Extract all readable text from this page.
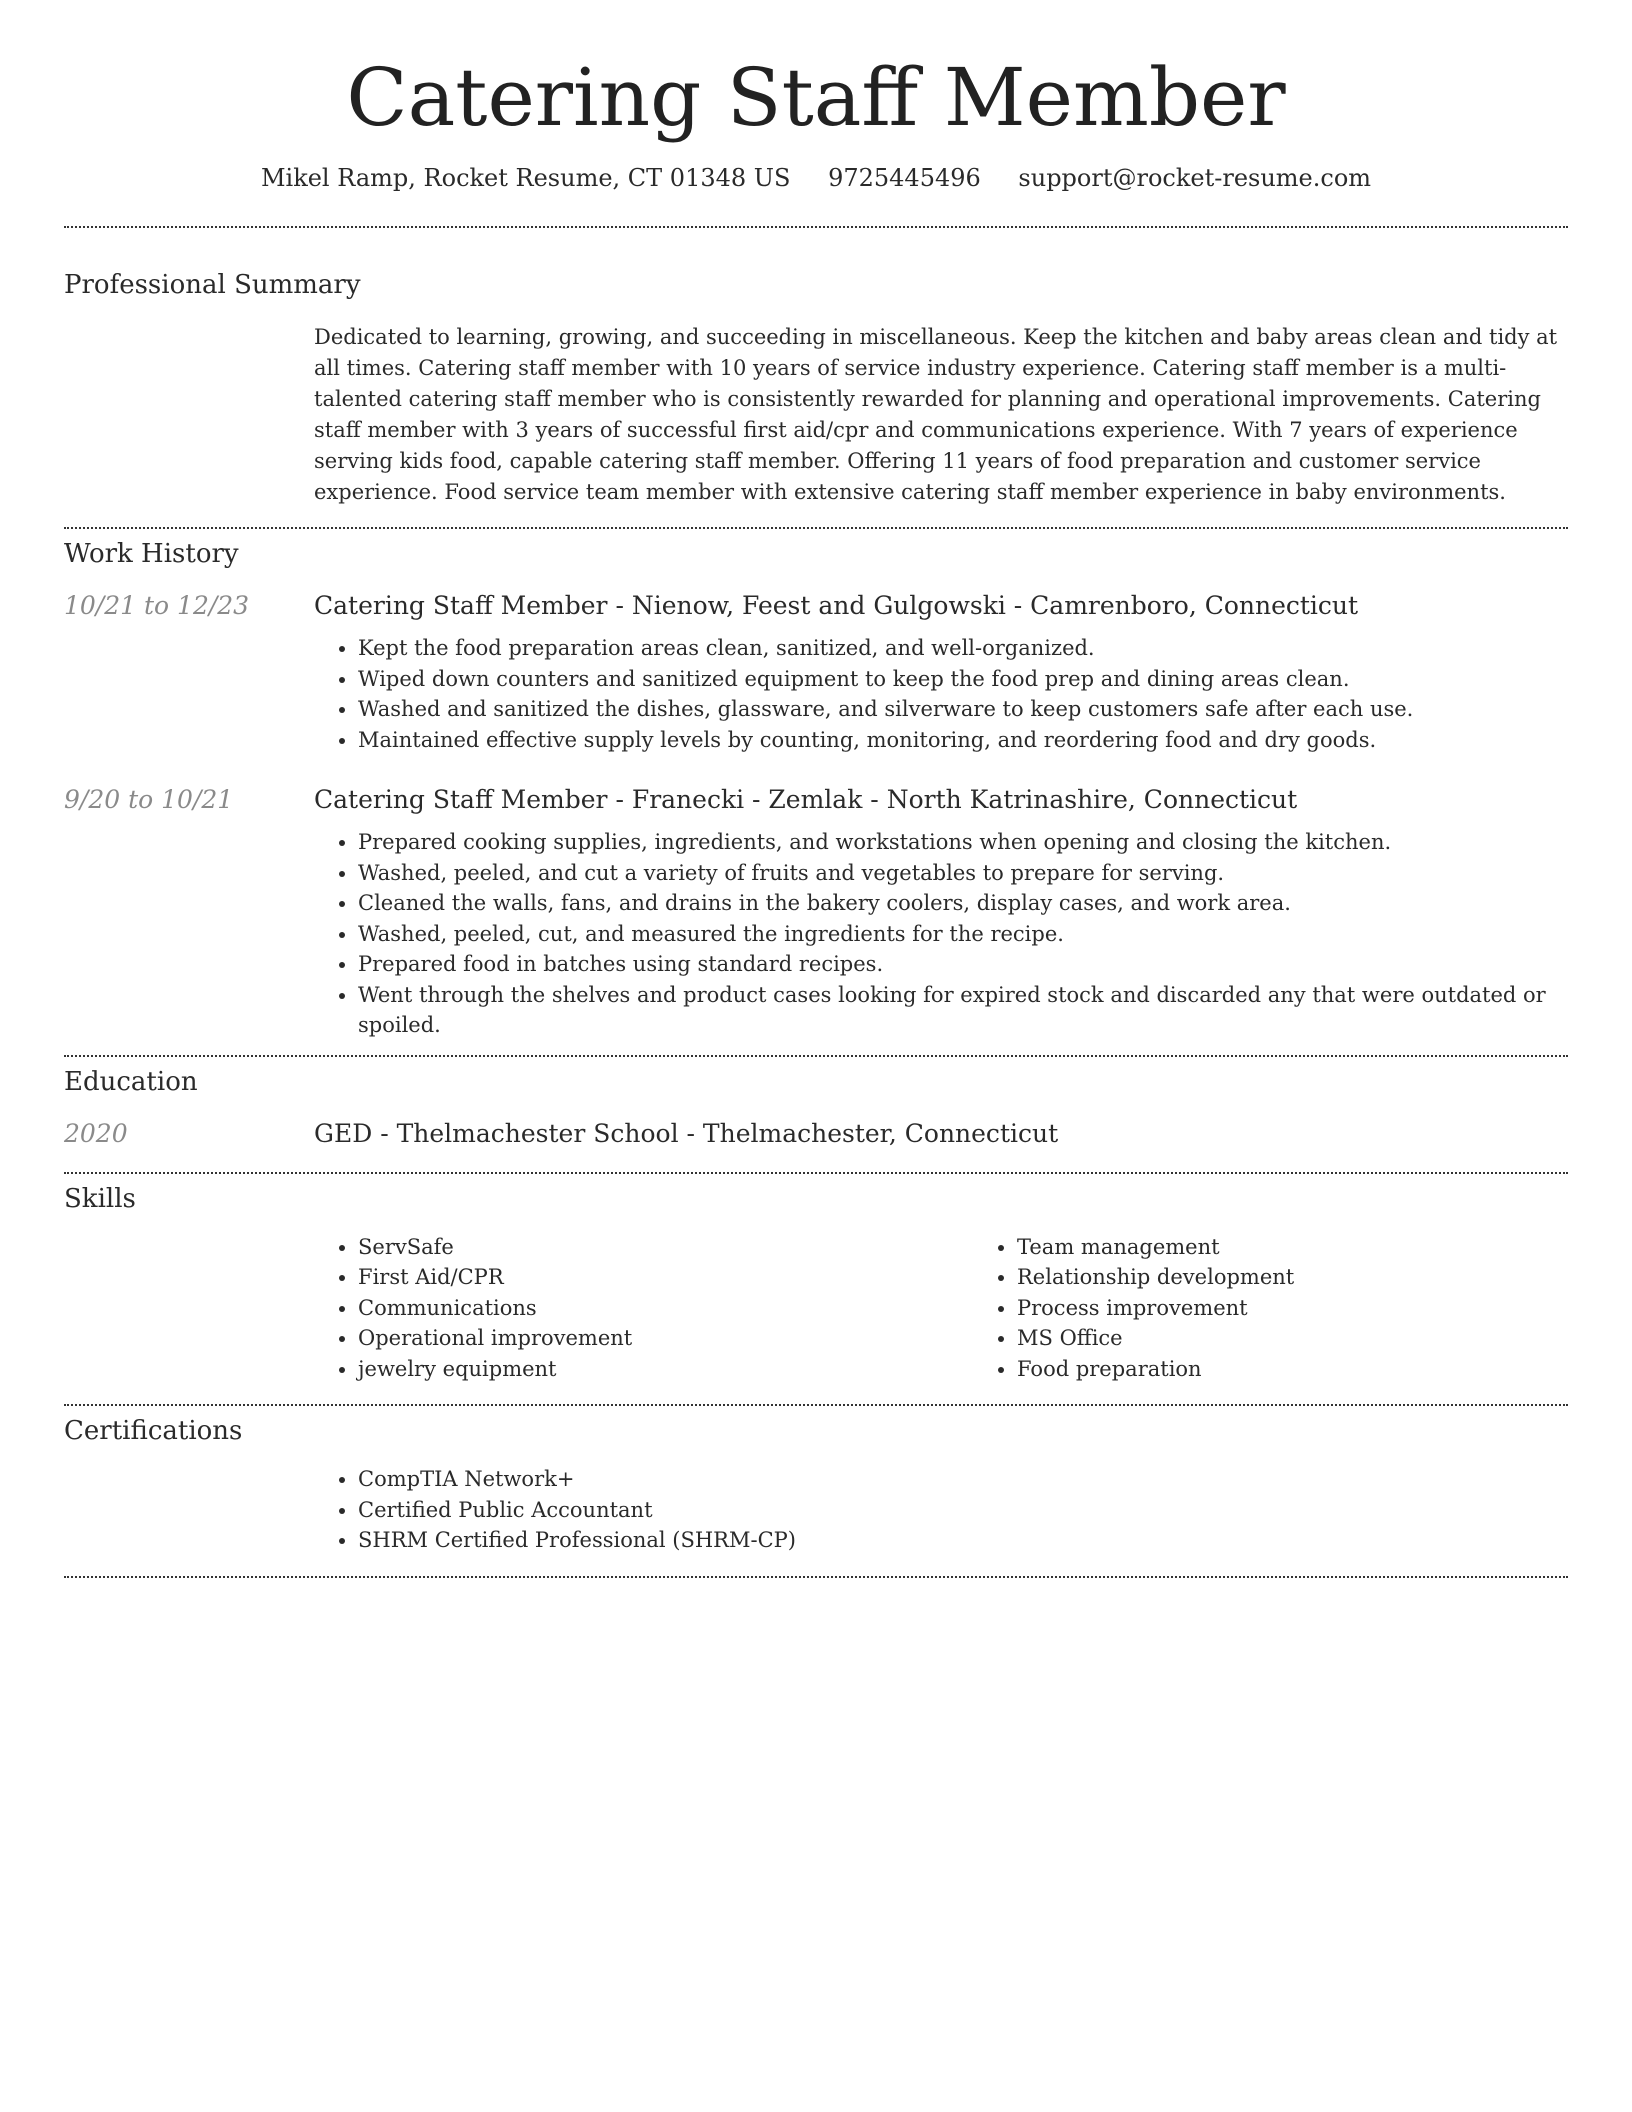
Catering Staff Member
Mikel Ramp, Rocket Resume, CT 01348 US 9725445496 support@rocket-resume.com
Professional Summary
Dedicated to learning, growing, and succeeding in miscellaneous. Keep the kitchen and baby areas clean and tidy at all times. Catering staff member with 10 years of service industry experience. Catering staff member is a multi-talented catering staff member who is consistently rewarded for planning and operational improvements. Catering staff member with 3 years of successful first aid/cpr and communications experience. With 7 years of experience serving kids food, capable catering staff member. Offering 11 years of food preparation and customer service experience. Food service team member with extensive catering staff member experience in baby environments.
Work History
10/21 to 12/23	Catering Staff Member - Nienow, Feest and Gulgowski - Camrenboro, Connecticut
• Kept the food preparation areas clean, sanitized, and well-organized.
• Wiped down counters and sanitized equipment to keep the food prep and dining areas clean.
• Washed and sanitized the dishes, glassware, and silverware to keep customers safe after each use.
• Maintained effective supply levels by counting, monitoring, and reordering food and dry goods.
9/20 to 10/21	Catering Staff Member - Franecki - Zemlak - North Katrinashire, Connecticut
• Prepared cooking supplies, ingredients, and workstations when opening and closing the kitchen.
• Washed, peeled, and cut a variety of fruits and vegetables to prepare for serving.
• Cleaned the walls, fans, and drains in the bakery coolers, display cases, and work area.
• Washed, peeled, cut, and measured the ingredients for the recipe.
• Prepared food in batches using standard recipes.
• Went through the shelves and product cases looking for expired stock and discarded any that were outdated or spoiled.
Education
2020	GED - Thelmachester School - Thelmachester, Connecticut
Skills
• ServSafe
• First Aid/CPR
• Communications
• Operational improvement
• jewelry equipment
• Team management
• Relationship development
• Process improvement
• MS Office
• Food preparation
Certifications
• CompTIA Network+
• Certified Public Accountant
• SHRM Certified Professional (SHRM-CP)
